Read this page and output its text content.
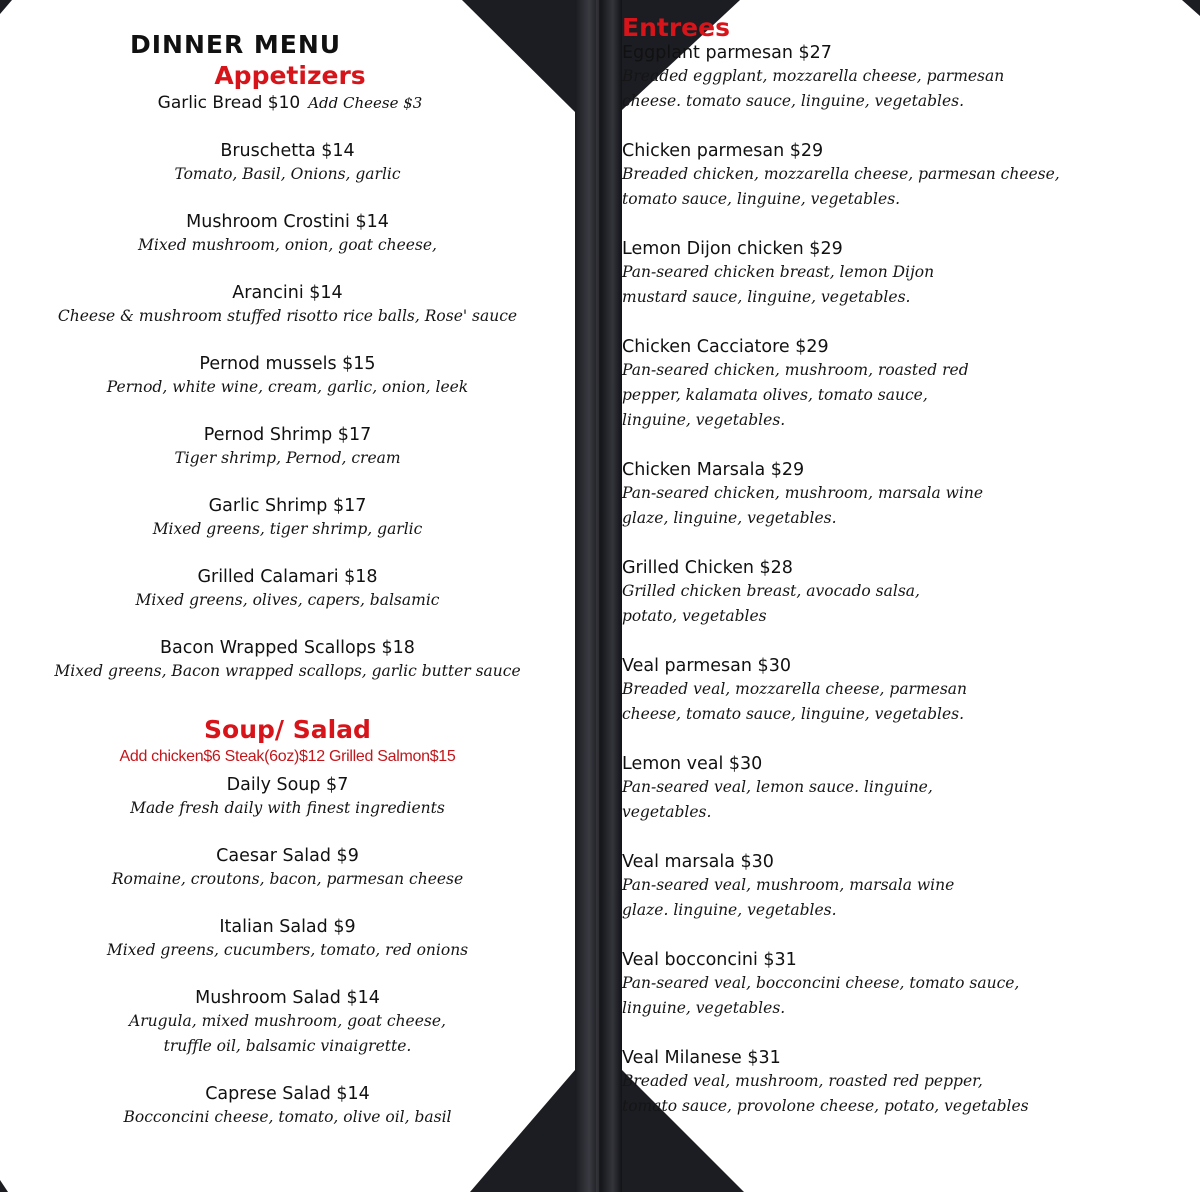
DINNER MENU
Appetizers
Garlic Bread $10 Add Cheese $3

Bruschetta $14

Tomato, Basil, Onions, garlic

Mushroom Crostini $14

Mixed mushroom, onion, goat cheese,

Arancini $14

Cheese & mushroom stuffed risotto rice balls, Rose' sauce

Pernod mussels $15

Pernod, white wine, cream, garlic, onion, leek

Pernod Shrimp $17

Tiger shrimp, Pernod, cream

Garlic Shrimp $17

Mixed greens, tiger shrimp, garlic

Grilled Calamari $18

Mixed greens, olives, capers, balsamic

Bacon Wrapped Scallops $18

Mixed greens, Bacon wrapped scallops, garlic butter sauce

Soup/ Salad

Add chicken$6 Steak(6oz)$12 Grilled Salmon$15

Daily Soup $7

Made fresh daily with finest ingredients

Caesar Salad $9

Romaine, croutons, bacon, parmesan cheese

Italian Salad $9

Mixed greens, cucumbers, tomato, red onions

Mushroom Salad $14

Arugula, mixed mushroom, goat cheese,

truffle oil, balsamic vinaigrette.

Caprese Salad $14

Bocconcini cheese, tomato, olive oil, basil

Entrees

Eggplant parmesan $27

Breaded eggplant, mozzarella cheese, parmesan

cheese. tomato sauce, linguine, vegetables.

Chicken parmesan $29

Breaded chicken, mozzarella cheese, parmesan cheese,

tomato sauce, linguine, vegetables.

Lemon Dijon chicken $29

Pan-seared chicken breast, lemon Dijon

mustard sauce, linguine, vegetables.

Chicken Cacciatore $29

Pan-seared chicken, mushroom, roasted red

pepper, kalamata olives, tomato sauce,

linguine, vegetables.

Chicken Marsala $29

Pan-seared chicken, mushroom, marsala wine

glaze, linguine, vegetables.

Grilled Chicken $28

Grilled chicken breast, avocado salsa,

potato, vegetables

Veal parmesan $30

Breaded veal, mozzarella cheese, parmesan

cheese, tomato sauce, linguine, vegetables.

Lemon veal $30

Pan-seared veal, lemon sauce. linguine,

vegetables.

Veal marsala $30

Pan-seared veal, mushroom, marsala wine

glaze. linguine, vegetables.

Veal bocconcini $31

Pan-seared veal, bocconcini cheese, tomato sauce,

linguine, vegetables.

Veal Milanese $31

Breaded veal, mushroom, roasted red pepper,

tomato sauce, provolone cheese, potato, vegetables
